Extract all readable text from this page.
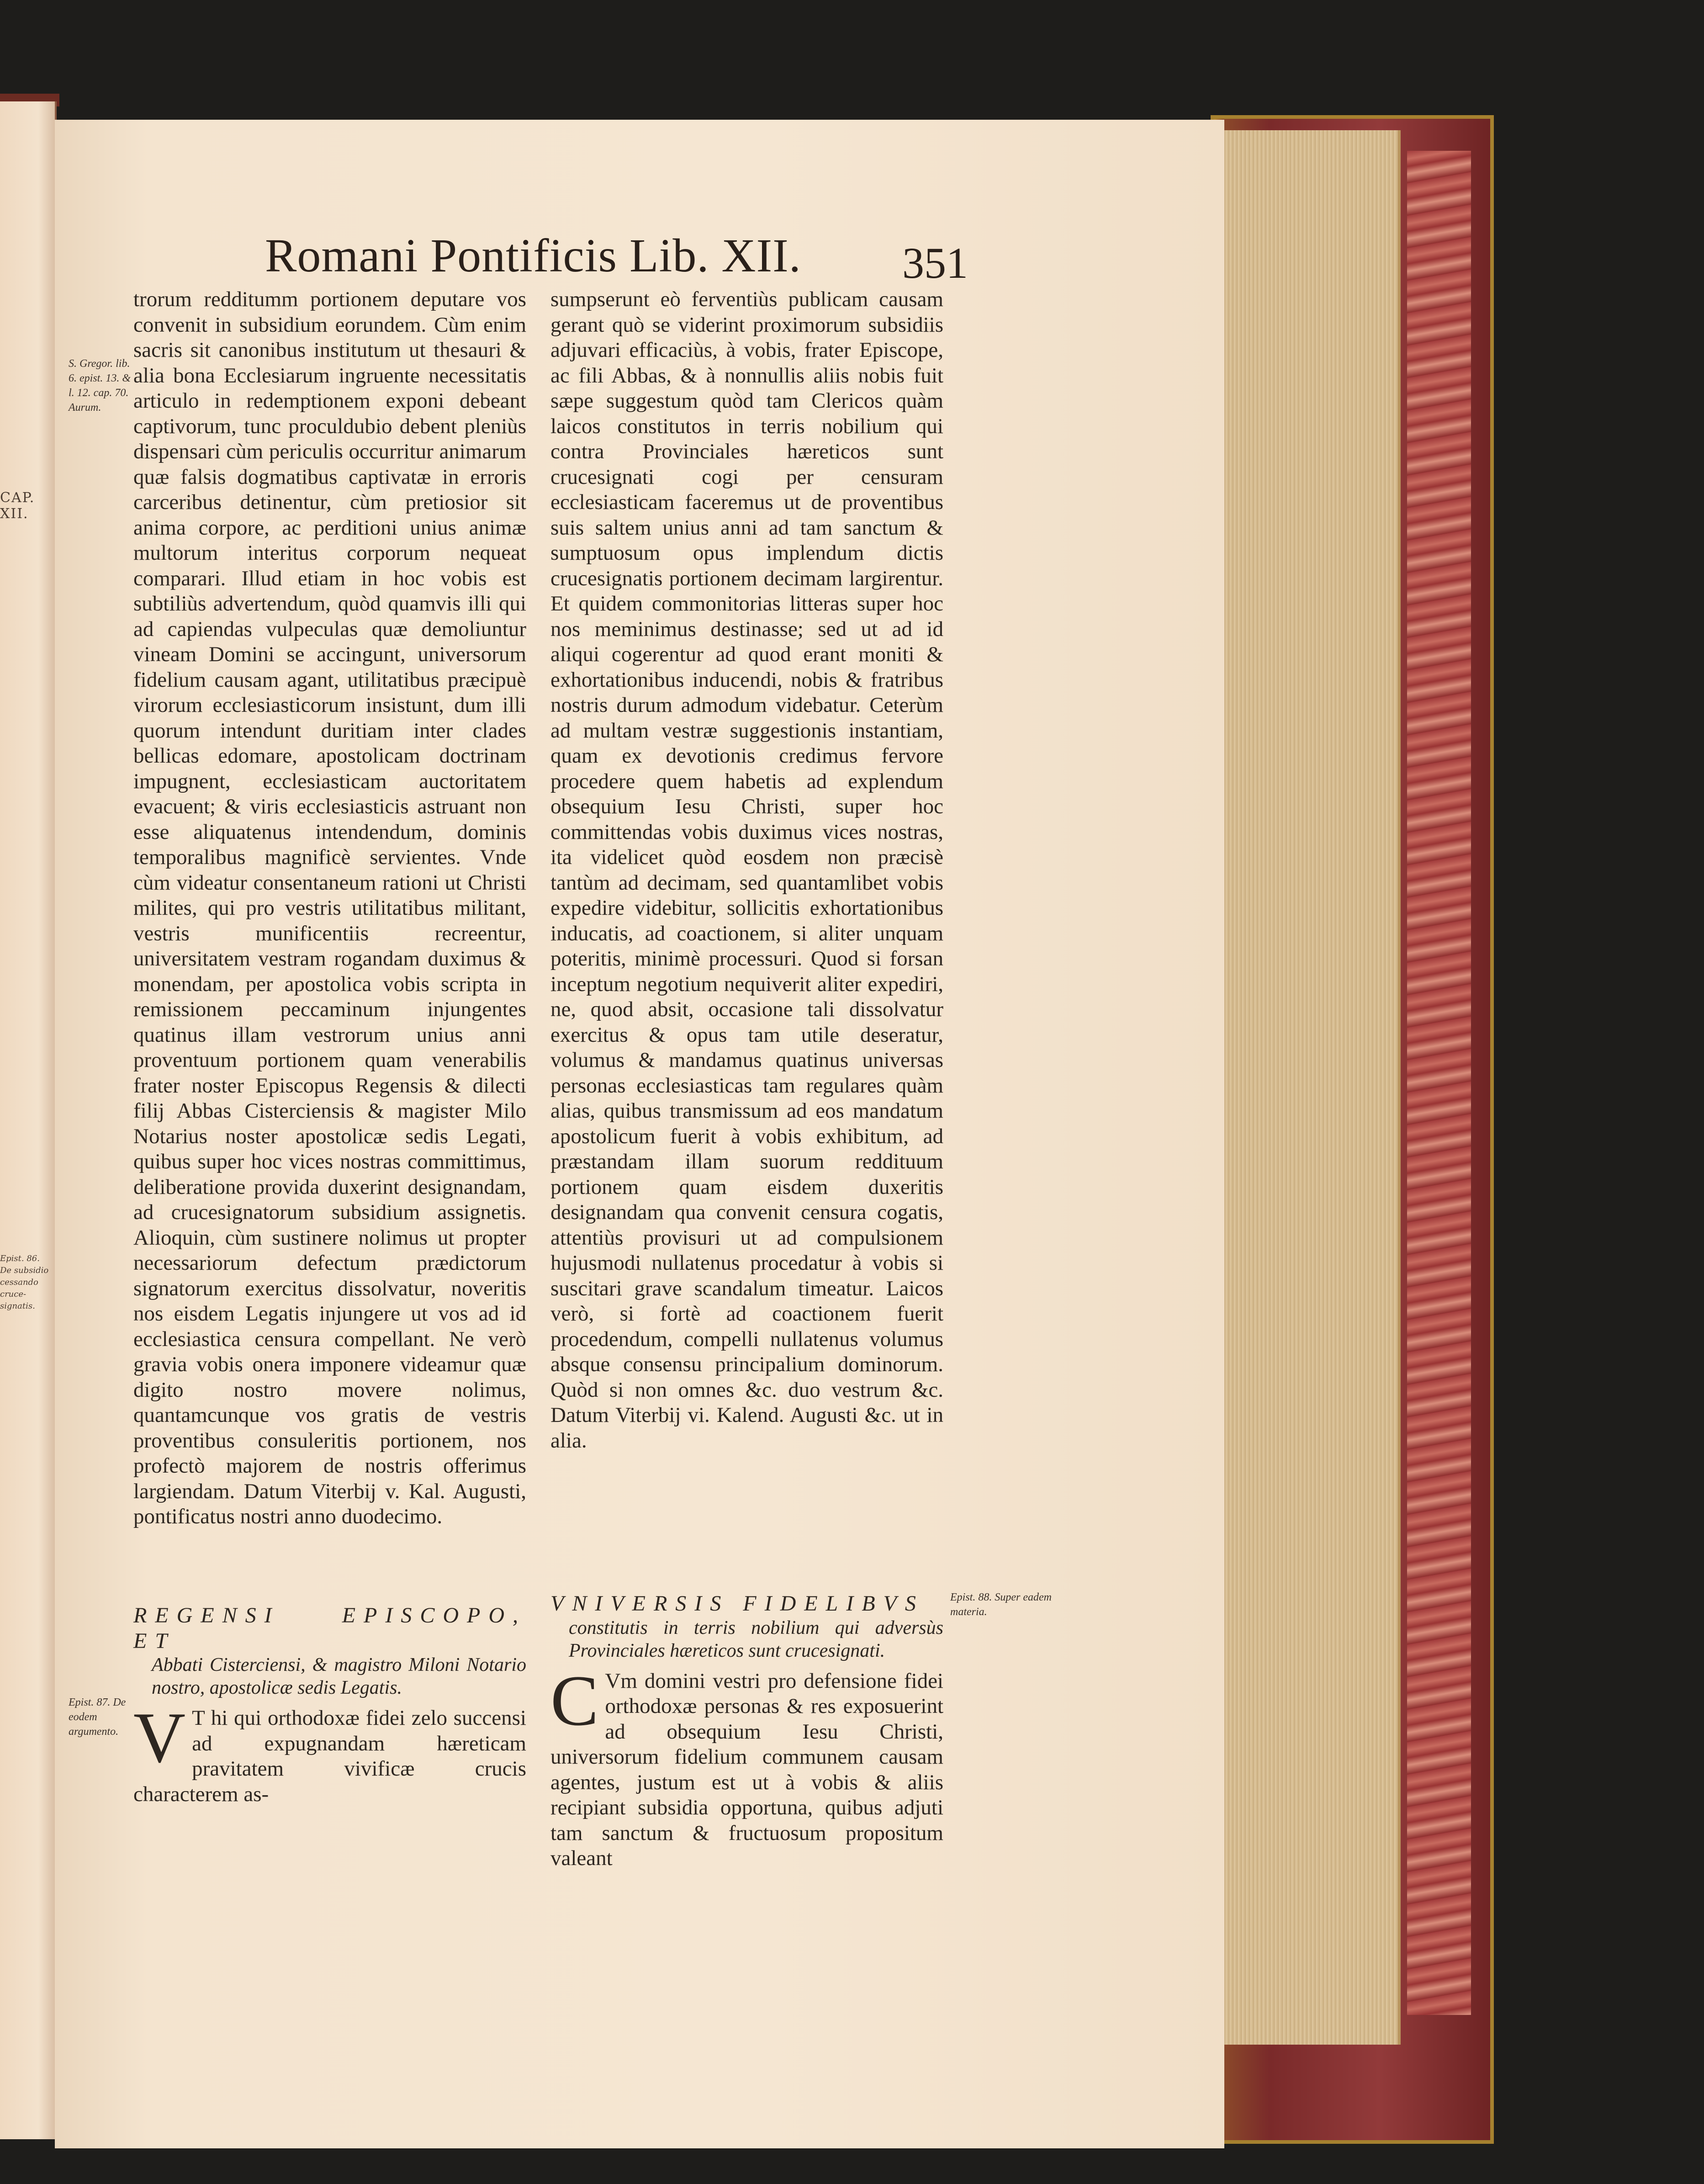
CAP. XII.
Epist. 86. De subsidio cessando crucesignatis.
Romani Pontificis Lib. XII. 351
S. Gregor. lib. 6. epist. 13. & l. 12. cap. 70. Aurum.
Epist. 87. De eodem argumento.
Epist. 88. Super eadem materia.

trorum redditumm portionem deputare vos convenit in subsidium eorundem. Cùm enim sacris sit canonibus institutum ut thesauri & alia bona Ecclesiarum ingruente necessitatis articulo in redemptionem exponi debeant captivorum, tunc proculdubio debent pleniùs dispensari cùm periculis occurritur animarum quæ falsis dogmatibus captivatæ in erroris carceribus detinentur, cùm pretiosior sit anima corpore, ac perditioni unius animæ multorum interitus corporum nequeat comparari. Illud etiam in hoc vobis est subtiliùs advertendum, quòd quamvis illi qui ad capiendas vulpeculas quæ demoliuntur vineam Domini se accingunt, universorum fidelium causam agant, utilitatibus præcipuè virorum ecclesiasticorum insistunt, dum illi quorum intendunt duritiam inter clades bellicas edomare, apostolicam doctrinam impugnent, ecclesiasticam auctoritatem evacuent; & viris ecclesiasticis astruant non esse aliquatenus intendendum, dominis temporalibus magnificè servientes. Vnde cùm videatur consentaneum rationi ut Christi milites, qui pro vestris utilitatibus militant, vestris munificentiis recreentur, universitatem vestram rogandam duximus & monendam, per apostolica vobis scripta in remissionem peccaminum injungentes quatinus illam vestrorum unius anni proventuum portionem quam venerabilis frater noster Episcopus Regensis & dilecti filij Abbas Cisterciensis & magister Milo Notarius noster apostolicæ sedis Legati, quibus super hoc vices nostras committimus, deliberatione provida duxerint designandam, ad crucesignatorum subsidium assignetis. Alioquin, cùm sustinere nolimus ut propter necessariorum defectum prædictorum signatorum exercitus dissolvatur, noveritis nos eisdem Legatis injungere ut vos ad id ecclesiastica censura compellant. Ne verò gravia vobis onera imponere videamur quæ digito nostro movere nolimus, quantamcunque vos gratis de vestris proventibus consuleritis portionem, nos profectò majorem de nostris offerimus largiendam. Datum Viterbij v. Kal. Augusti, pontificatus nostri anno duodecimo.

REGENSI EPISCOPO, ET
Abbati Cisterciensi, & magistro Miloni Notario nostro, apostolicæ sedis Legatis.

V T hi qui orthodoxæ fidei zelo succensi ad expugnandam hæreticam pravitatem vivificæ crucis characterem as-

sumpserunt eò ferventiùs publicam causam gerant quò se viderint proximorum subsidiis adjuvari efficaciùs, à vobis, frater Episcope, ac fili Abbas, & à nonnullis aliis nobis fuit sæpe suggestum quòd tam Clericos quàm laicos constitutos in terris nobilium qui contra Provinciales hæreticos sunt crucesignati cogi per censuram ecclesiasticam faceremus ut de proventibus suis saltem unius anni ad tam sanctum & sumptuosum opus implendum dictis crucesignatis portionem decimam largirentur. Et quidem commonitorias litteras super hoc nos meminimus destinasse; sed ut ad id aliqui cogerentur ad quod erant moniti & exhortationibus inducendi, nobis & fratribus nostris durum admodum videbatur. Ceterùm ad multam vestræ suggestionis instantiam, quam ex devotionis credimus fervore procedere quem habetis ad explendum obsequium Iesu Christi, super hoc committendas vobis duximus vices nostras, ita videlicet quòd eosdem non præcisè tantùm ad decimam, sed quantamlibet vobis expedire videbitur, sollicitis exhortationibus inducatis, ad coactionem, si aliter unquam poteritis, minimè processuri. Quod si forsan inceptum negotium nequiverit aliter expediri, ne, quod absit, occasione tali dissolvatur exercitus & opus tam utile deseratur, volumus & mandamus quatinus universas personas ecclesiasticas tam regulares quàm alias, quibus transmissum ad eos mandatum apostolicum fuerit à vobis exhibitum, ad præstandam illam suorum reddituum portionem quam eisdem duxeritis designandam qua convenit censura cogatis, attentiùs provisuri ut ad compulsionem hujusmodi nullatenus procedatur à vobis si suscitari grave scandalum timeatur. Laicos verò, si fortè ad coactionem fuerit procedendum, compelli nullatenus volumus absque consensu principalium dominorum. Quòd si non omnes &c. duo vestrum &c. Datum Viterbij vi. Kalend. Augusti &c. ut in alia.

VNIVERSIS FIDELIBVS
constitutis in terris nobilium qui adversùs Provinciales hæreticos sunt crucesignati.

C Vm domini vestri pro defensione fidei orthodoxæ personas & res exposuerint ad obsequium Iesu Christi, universorum fidelium communem causam agentes, justum est ut à vobis & aliis recipiant subsidia opportuna, quibus adjuti tam sanctum & fructuosum propositum valeant
